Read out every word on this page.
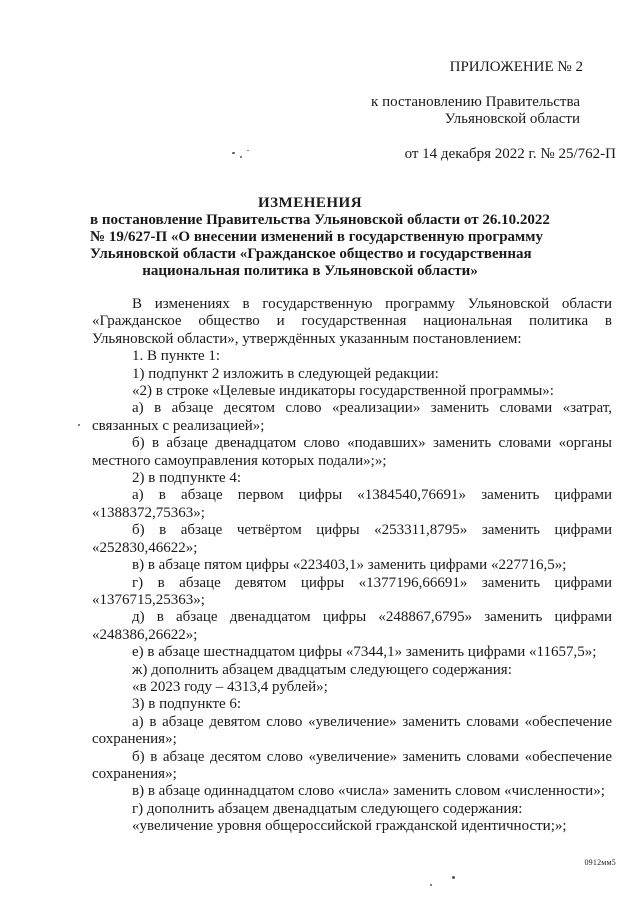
ПРИЛОЖЕНИЕ № 2
к постановлению Правительства
Ульяновской области
от 14 декабря 2022 г. № 25/762-П
ИЗМЕНЕНИЯ
в постановление Правительства Ульяновской области от 26.10.2022
№ 19/627-П «О внесении изменений в государственную программу
Ульяновской области «Гражданское общество и государственная
национальная политика в Ульяновской области»

В изменениях в государственную программу Ульяновской области «Гражданское общество и государственная национальная политика в Ульяновской области», утверждённых указанным постановлением:

1. В пункте 1:

1) подпункт 2 изложить в следующей редакции:

«2) в строке «Целевые индикаторы государственной программы»:

а) в абзаце десятом слово «реализации» заменить словами «затрат, связанных с реализацией»;

б) в абзаце двенадцатом слово «подавших» заменить словами «органы местного самоуправления которых подали»;»;

2) в подпункте 4:

а) в абзаце первом цифры «1384540,76691» заменить цифрами «1388372,75363»;

б) в абзаце четвёртом цифры «253311,8795» заменить цифрами «252830,46622»;

в) в абзаце пятом цифры «223403,1» заменить цифрами «227716,5»;

г) в абзаце девятом цифры «1377196,66691» заменить цифрами «1376715,25363»;

д) в абзаце двенадцатом цифры «248867,6795» заменить цифрами «248386,26622»;

е) в абзаце шестнадцатом цифры «7344,1» заменить цифрами «11657,5»;

ж) дополнить абзацем двадцатым следующего содержания:

«в 2023 году – 4313,4 рублей»;

3) в подпункте 6:

а) в абзаце девятом слово «увеличение» заменить словами «обеспечение сохранения»;

б) в абзаце десятом слово «увеличение» заменить словами «обеспечение сохранения»;

в) в абзаце одиннадцатом слово «числа» заменить словом «численности»;

г) дополнить абзацем двенадцатым следующего содержания:

«увеличение уровня общероссийской гражданской идентичности;»;

0912мм5
